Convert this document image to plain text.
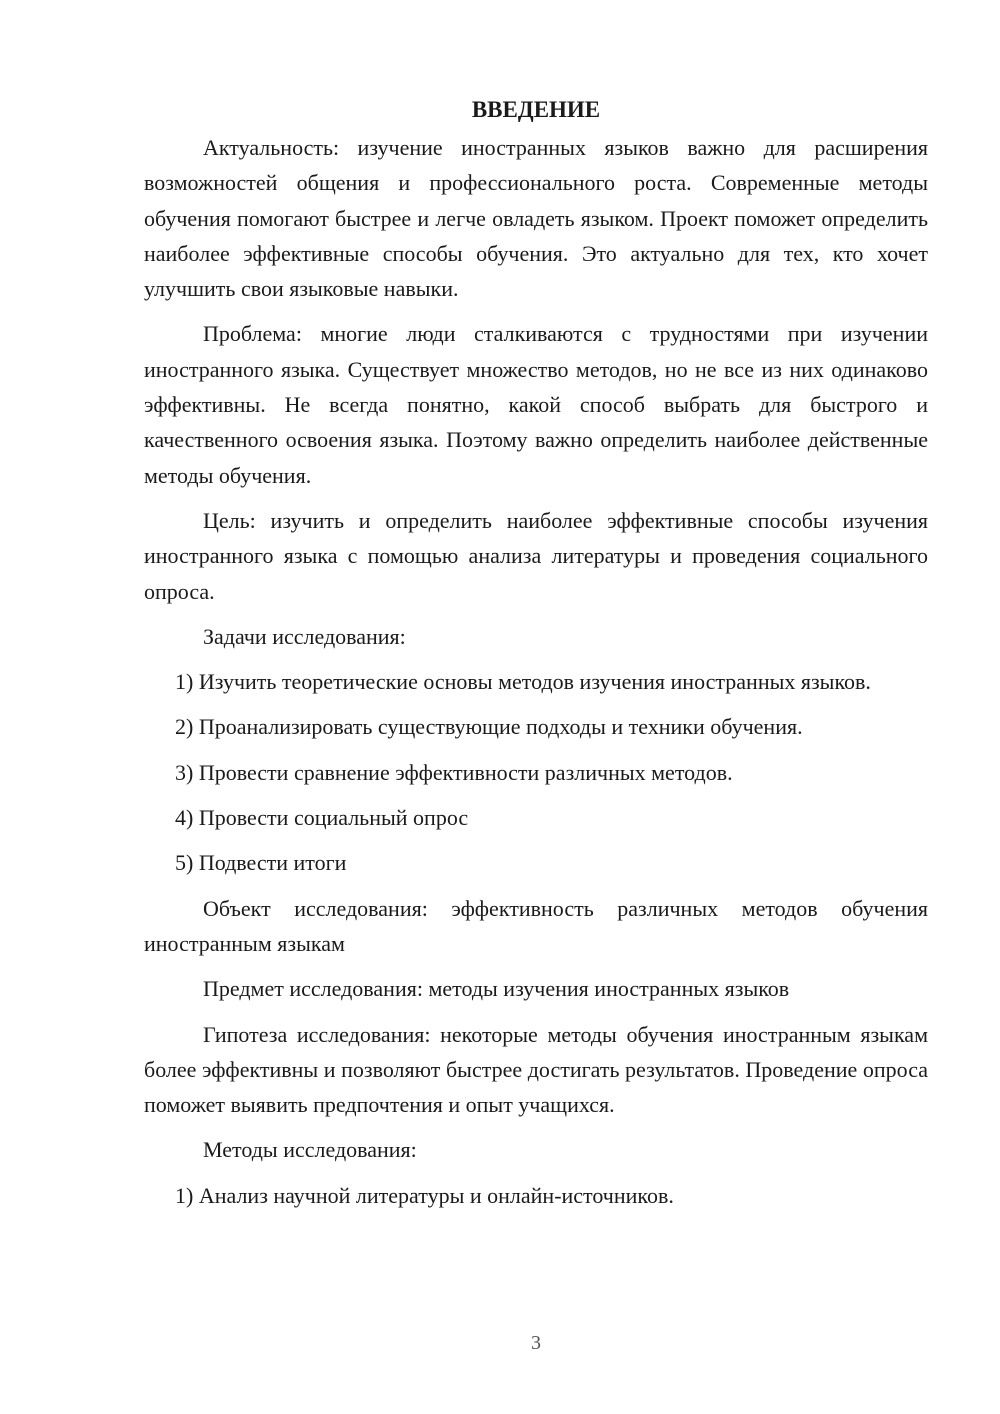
ВВЕДЕНИЕ

Актуальность: изучение иностранных языков важно для расширения возможностей общения и профессионального роста. Современные методы обучения помогают быстрее и легче овладеть языком. Проект поможет определить наиболее эффективные способы обучения. Это актуально для тех, кто хочет улучшить свои языковые навыки.

Проблема: многие люди сталкиваются с трудностями при изучении иностранного языка. Существует множество методов, но не все из них одинаково эффективны. Не всегда понятно, какой способ выбрать для быстрого и качественного освоения языка. Поэтому важно определить наиболее действенные методы обучения.

Цель: изучить и определить наиболее эффективные способы изучения иностранного языка с помощью анализа литературы и проведения социального опроса.

Задачи исследования:

1) Изучить теоретические основы методов изучения иностранных языков.

2) Проанализировать существующие подходы и техники обучения.

3) Провести сравнение эффективности различных методов.

4) Провести социальный опрос

5) Подвести итоги

Объект исследования: эффективность различных методов обучения иностранным языкам

Предмет исследования: методы изучения иностранных языков

Гипотеза исследования: некоторые методы обучения иностранным языкам более эффективны и позволяют быстрее достигать результатов. Проведение опроса поможет выявить предпочтения и опыт учащихся.

Методы исследования:

1) Анализ научной литературы и онлайн-источников.

3
